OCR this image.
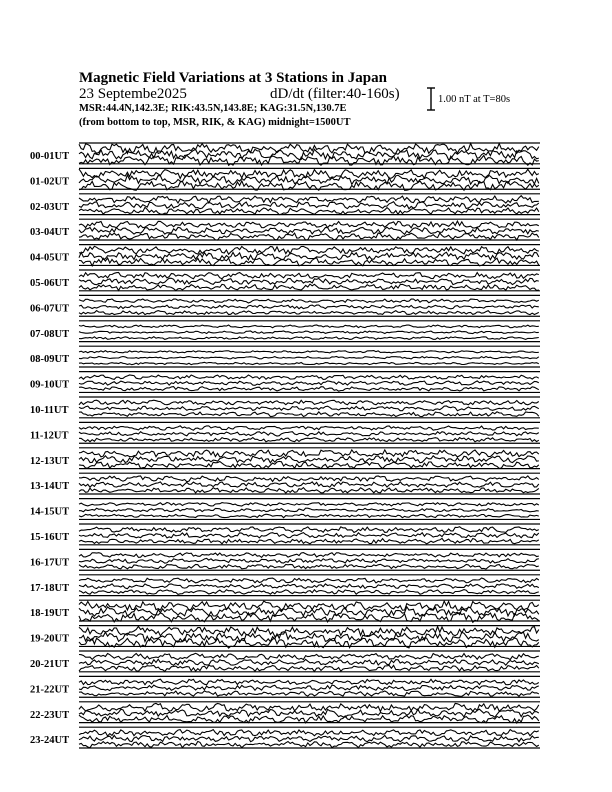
Magnetic Field Variations at 3 Stations in Japan
23 Septembe2025	dD/dt (filter:40-160s)
MSR:44.4N,142.3E; RIK:43.5N,143.8E; KAG:31.5N,130.7E
(from bottom to top, MSR, RIK, & KAG) midnight=1500UT
1.00 nT at T=80s
00-01UT
01-02UT
02-03UT
03-04UT
04-05UT
05-06UT
06-07UT
07-08UT
08-09UT
09-10UT
10-11UT
11-12UT
12-13UT
13-14UT
14-15UT
15-16UT
16-17UT
17-18UT
18-19UT
19-20UT
20-21UT
21-22UT
22-23UT
23-24UT
